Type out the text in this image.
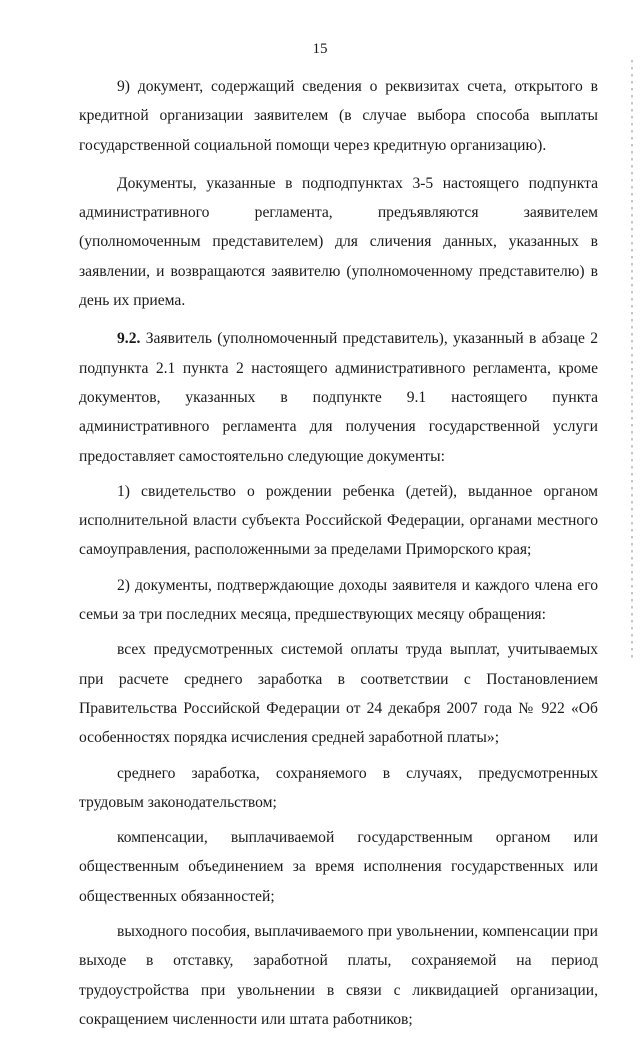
15

9) документ, содержащий сведения о реквизитах счета, открытого в кредитной организации заявителем (в случае выбора способа выплаты государственной социальной помощи через кредитную организацию).

Документы, указанные в подподпунктах 3-5 настоящего подпункта административного регламента, предъявляются заявителем (уполномоченным представителем) для сличения данных, указанных в заявлении, и возвращаются заявителю (уполномоченному представителю) в день их приема.

9.2. Заявитель (уполномоченный представитель), указанный в абзаце 2 подпункта 2.1 пункта 2 настоящего административного регламента, кроме документов, указанных в подпункте 9.1 настоящего пункта административного регламента для получения государственной услуги предоставляет самостоятельно следующие документы:

1) свидетельство о рождении ребенка (детей), выданное органом исполнительной власти субъекта Российской Федерации, органами местного самоуправления, расположенными за пределами Приморского края;

2) документы, подтверждающие доходы заявителя и каждого члена его семьи за три последних месяца, предшествующих месяцу обращения:

всех предусмотренных системой оплаты труда выплат, учитываемых при расчете среднего заработка в соответствии с Постановлением Правительства Российской Федерации от 24 декабря 2007 года № 922 «Об особенностях порядка исчисления средней заработной платы»;

среднего заработка, сохраняемого в случаях, предусмотренных трудовым законодательством;

компенсации, выплачиваемой государственным органом или общественным объединением за время исполнения государственных или общественных обязанностей;

выходного пособия, выплачиваемого при увольнении, компенсации при выходе в отставку, заработной платы, сохраняемой на период трудоустройства при увольнении в связи с ликвидацией организации, сокращением численности или штата работников;
